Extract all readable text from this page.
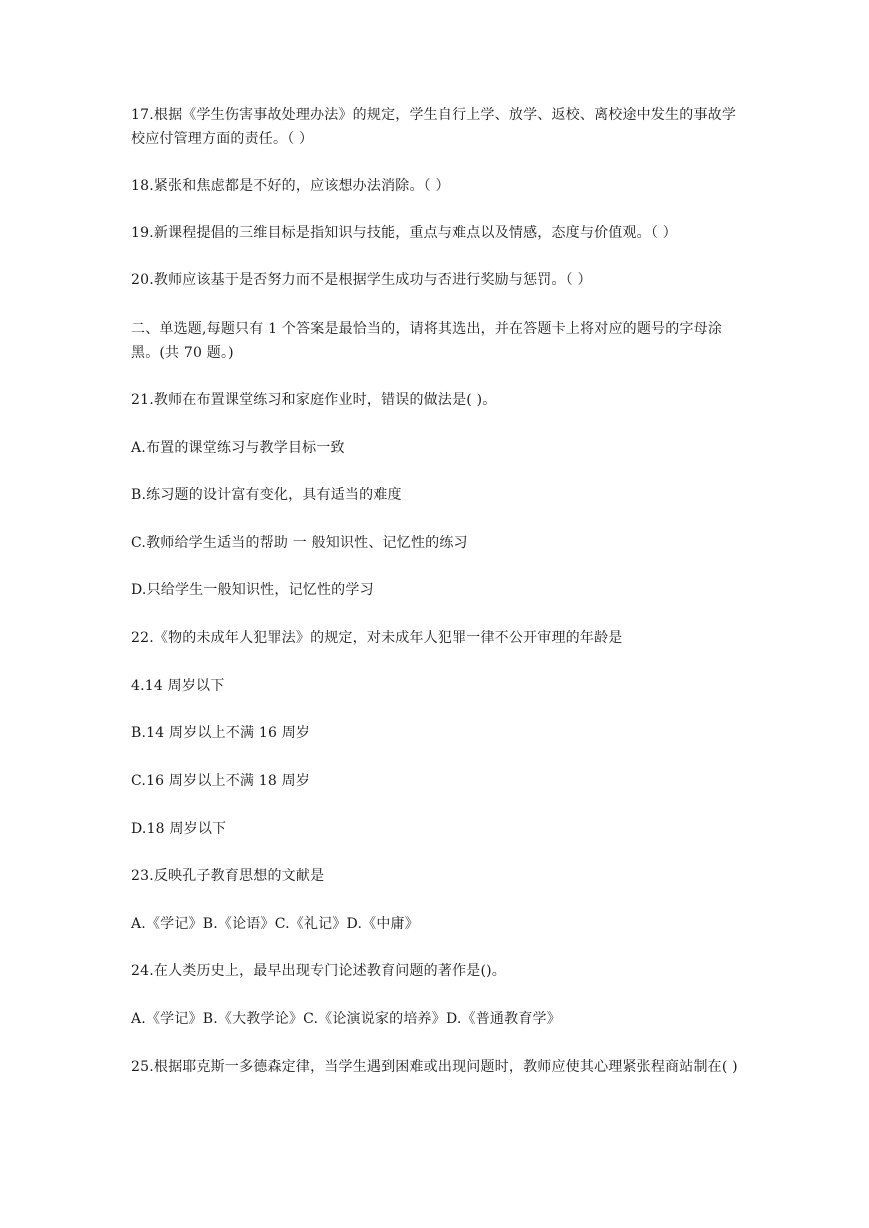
17.根据《学生伤害事故处理办法》的规定，学生自行上学、放学、返校、离校途中发生的事故学校应付管理方面的责任。（ ）
18.紧张和焦虑都是不好的，应该想办法消除。（ ）
19.新课程提倡的三维目标是指知识与技能，重点与难点以及情感，态度与价值观。（ ）
20.教师应该基于是否努力而不是根据学生成功与否进行奖励与惩罚。（ ）
二、单选题,每题只有 1 个答案是最恰当的，请将其选出，并在答题卡上将对应的题号的字母涂黑。(共 70 题。)
21.教师在布置课堂练习和家庭作业时，错误的做法是( )。
A.布置的课堂练习与教学目标一致
B.练习题的设计富有变化，具有适当的难度
C.教师给学生适当的帮助 一 般知识性、记忆性的练习
D.只给学生一般知识性，记忆性的学习
22.《物的未成年人犯罪法》的规定，对未成年人犯罪一律不公开审理的年龄是
4.14 周岁以下
B.14 周岁以上不满 16 周岁
C.16 周岁以上不满 18 周岁
D.18 周岁以下
23.反映孔子教育思想的文献是
A.《学记》B.《论语》C.《礼记》D.《中庸》
24.在人类历史上，最早出现专门论述教育问题的著作是()。
A.《学记》B.《大教学论》C.《论演说家的培养》D.《普通教育学》
25.根据耶克斯一多德森定律，当学生遇到困难或出现问题时，教师应使其心理紧张程商站制在( )
